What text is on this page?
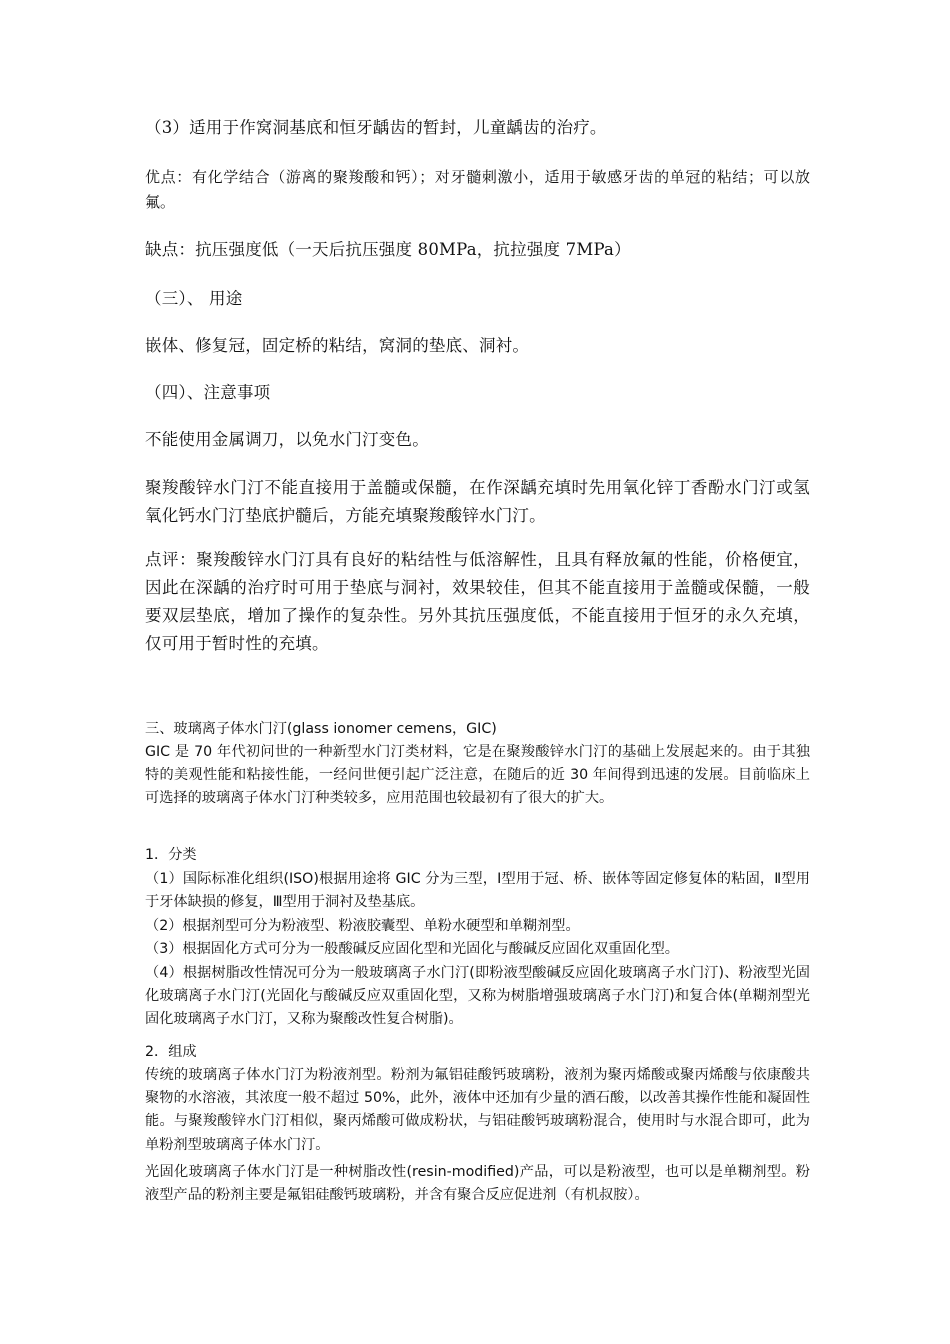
（3）适用于作窝洞基底和恒牙龋齿的暂封，儿童龋齿的治疗。

优点：有化学结合（游离的聚羧酸和钙）；对牙髓刺激小，适用于敏感牙齿的单冠的粘结；可以放氟。

缺点：抗压强度低（一天后抗压强度 80MPa，抗拉强度 7MPa）

（三）、 用途

嵌体、修复冠，固定桥的粘结，窝洞的垫底、洞衬。

（四）、注意事项

不能使用金属调刀，以免水门汀变色。

聚羧酸锌水门汀不能直接用于盖髓或保髓，在作深龋充填时先用氧化锌丁香酚水门汀或氢氧化钙水门汀垫底护髓后，方能充填聚羧酸锌水门汀。

点评：聚羧酸锌水门汀具有良好的粘结性与低溶解性，且具有释放氟的性能，价格便宜，因此在深龋的治疗时可用于垫底与洞衬，效果较佳，但其不能直接用于盖髓或保髓，一般要双层垫底，增加了操作的复杂性。另外其抗压强度低，不能直接用于恒牙的永久充填，仅可用于暂时性的充填。

三、玻璃离子体水门汀(glass ionomer cemens，GIC)

GIC 是 70 年代初问世的一种新型水门汀类材料，它是在聚羧酸锌水门汀的基础上发展起来的。由于其独特的美观性能和粘接性能，一经问世便引起广泛注意，在随后的近 30 年间得到迅速的发展。目前临床上可选择的玻璃离子体水门汀种类较多，应用范围也较最初有了很大的扩大。

1．分类

（1）国际标准化组织(ISO)根据用途将 GIC 分为三型，Ⅰ型用于冠、桥、嵌体等固定修复体的粘固，Ⅱ型用于牙体缺损的修复，Ⅲ型用于洞衬及垫基底。

（2）根据剂型可分为粉液型、粉液胶囊型、单粉水硬型和单糊剂型。

（3）根据固化方式可分为一般酸碱反应固化型和光固化与酸碱反应固化双重固化型。

（4）根据树脂改性情况可分为一般玻璃离子水门汀(即粉液型酸碱反应固化玻璃离子水门汀)、粉液型光固化玻璃离子水门汀(光固化与酸碱反应双重固化型，又称为树脂增强玻璃离子水门汀)和复合体(单糊剂型光固化玻璃离子水门汀，又称为聚酸改性复合树脂)。

2．组成

传统的玻璃离子体水门汀为粉液剂型。粉剂为氟铝硅酸钙玻璃粉，液剂为聚丙烯酸或聚丙烯酸与依康酸共聚物的水溶液，其浓度一般不超过 50%，此外，液体中还加有少量的酒石酸，以改善其操作性能和凝固性能。与聚羧酸锌水门汀相似，聚丙烯酸可做成粉状，与铝硅酸钙玻璃粉混合，使用时与水混合即可，此为单粉剂型玻璃离子体水门汀。

光固化玻璃离子体水门汀是一种树脂改性(resin-modified)产品，可以是粉液型，也可以是单糊剂型。粉液型产品的粉剂主要是氟铝硅酸钙玻璃粉，并含有聚合反应促进剂（有机叔胺）。
